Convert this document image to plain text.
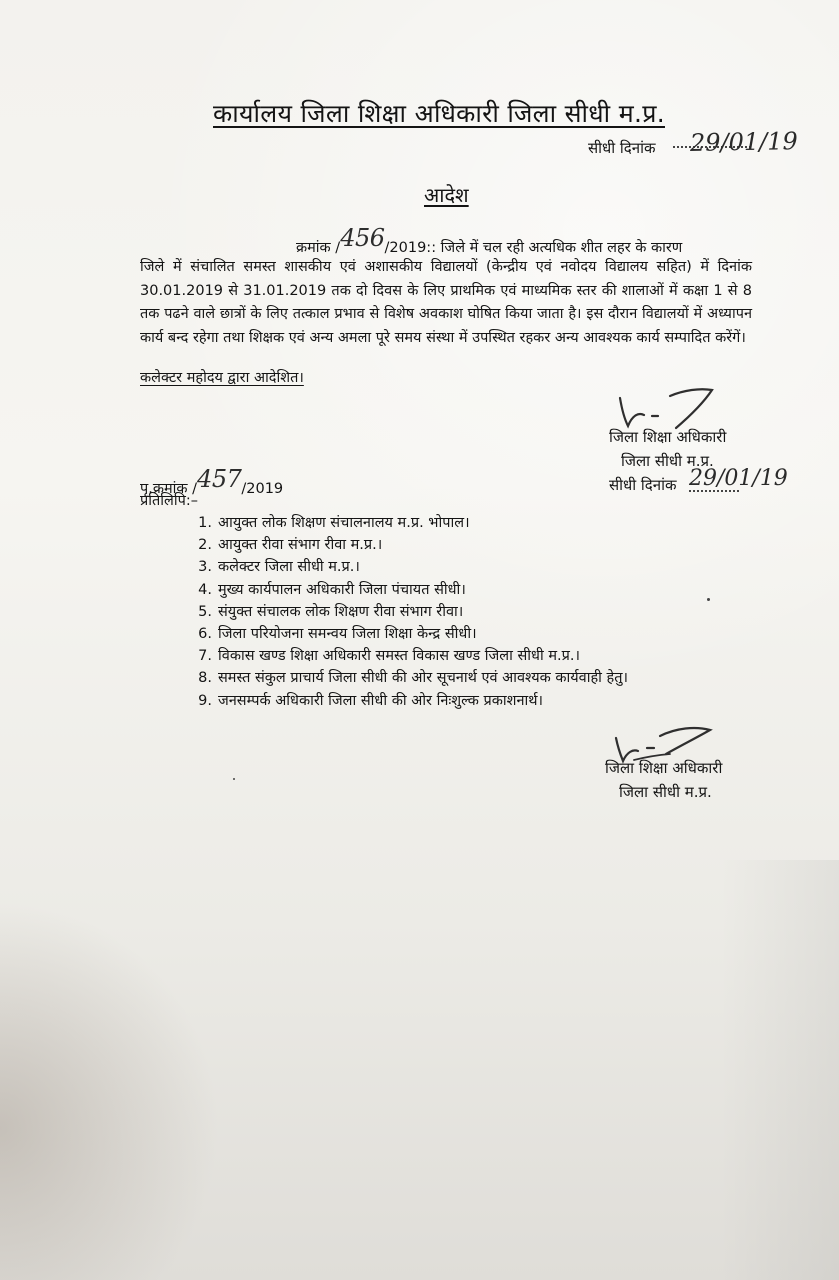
कार्यालय जिला शिक्षा अधिकारी जिला सीधी म.प्र.
सीधी दिनांक 29/01/19
आदेश
क्रमांक /456/2019:: जिले में चल रही अत्यधिक शीत लहर के कारण
जिले में संचालित समस्त शासकीय एवं अशासकीय विद्यालयों (केन्द्रीय एवं नवोदय विद्यालय सहित) में दिनांक 30.01.2019 से 31.01.2019 तक दो दिवस के लिए प्राथमिक एवं माध्यमिक स्तर की शालाओं में कक्षा 1 से 8 तक पढने वाले छात्रों के लिए तत्काल प्रभाव से विशेष अवकाश घोषित किया जाता है। इस दौरान विद्यालयों में अध्यापन कार्य बन्द रहेगा तथा शिक्षक एवं अन्य अमला पूरे समय संस्था में उपस्थित रहकर अन्य आवश्यक कार्य सम्पादित करेंगें।
कलेक्टर महोदय द्वारा आदेशित।
जिला शिक्षा अधिकारी
जिला सीधी म.प्र.
सीधी दिनांक 29/01/19
पृ.क्रमांक /457/2019
प्रतिलिपि:–
1. आयुक्त लोक शिक्षण संचालनालय म.प्र. भोपाल।
2. आयुक्त रीवा संभाग रीवा म.प्र.।
3. कलेक्टर जिला सीधी म.प्र.।
4. मुख्य कार्यपालन अधिकारी जिला पंचायत सीधी।
5. संयुक्त संचालक लोक शिक्षण रीवा संभाग रीवा।
6. जिला परियोजना समन्वय जिला शिक्षा केन्द्र सीधी।
7. विकास खण्ड शिक्षा अधिकारी समस्त विकास खण्ड जिला सीधी म.प्र.।
8. समस्त संकुल प्राचार्य जिला सीधी की ओर सूचनार्थ एवं आवश्यक कार्यवाही हेतु।
9. जनसम्पर्क अधिकारी जिला सीधी की ओर निःशुल्क प्रकाशनार्थ।
जिला शिक्षा अधिकारी
जिला सीधी म.प्र.
